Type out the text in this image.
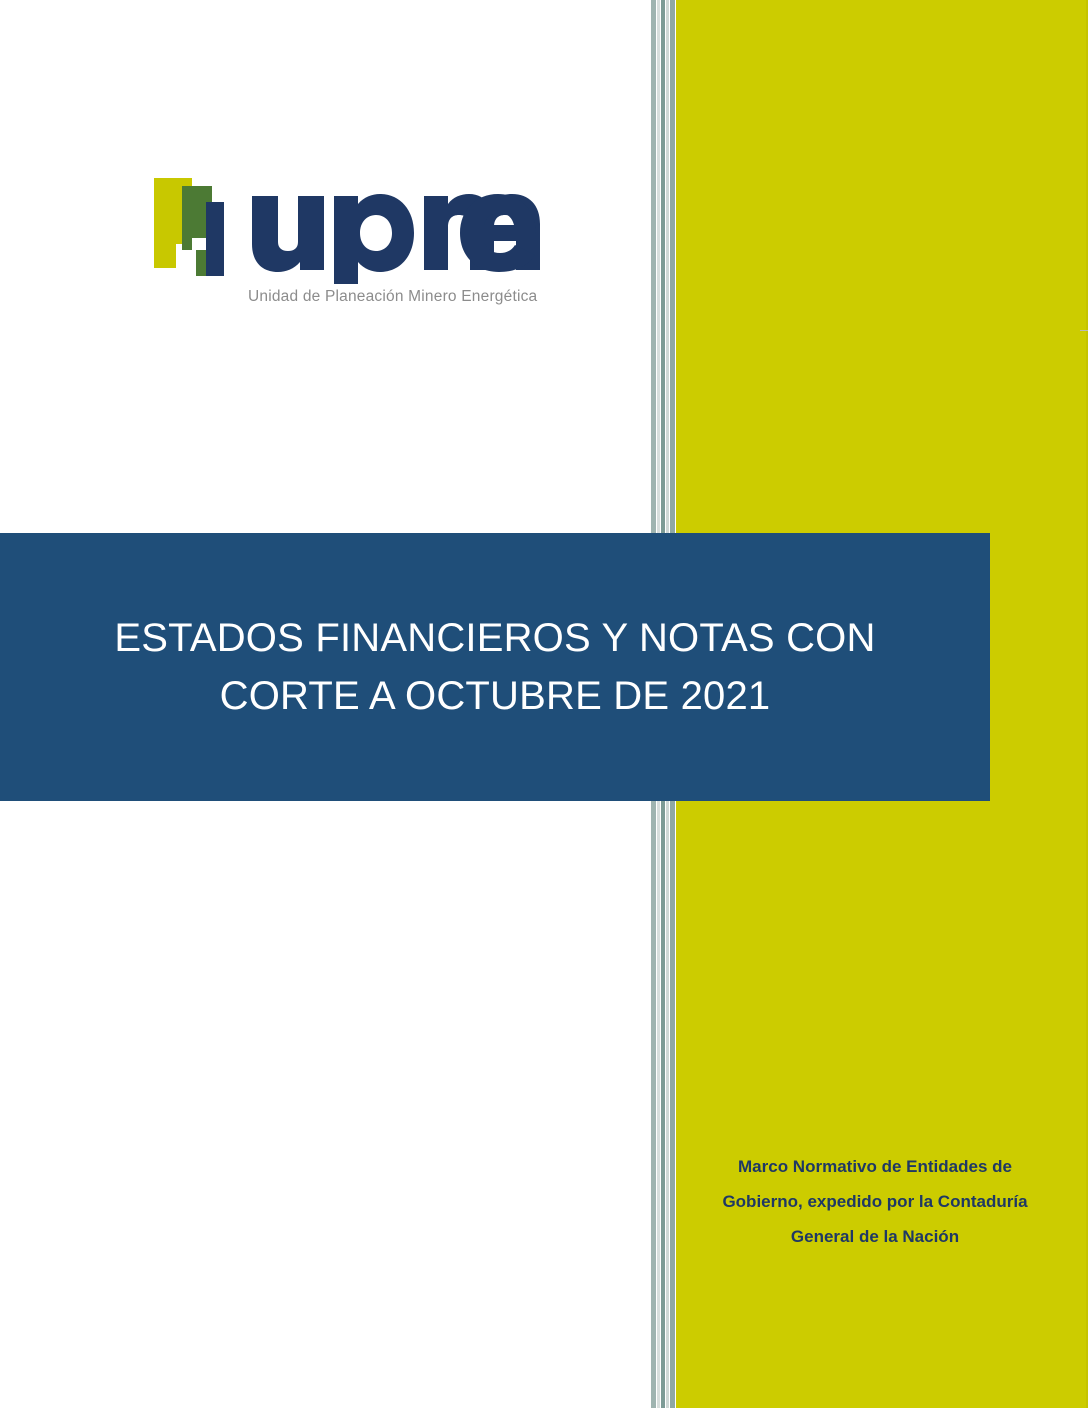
Unidad de Planeación Minero Energética
ESTADOS FINANCIEROS Y NOTAS CON CORTE A OCTUBRE DE 2021
Marco Normativo de Entidades de
Gobierno, expedido por la Contaduría
General de la Nación
